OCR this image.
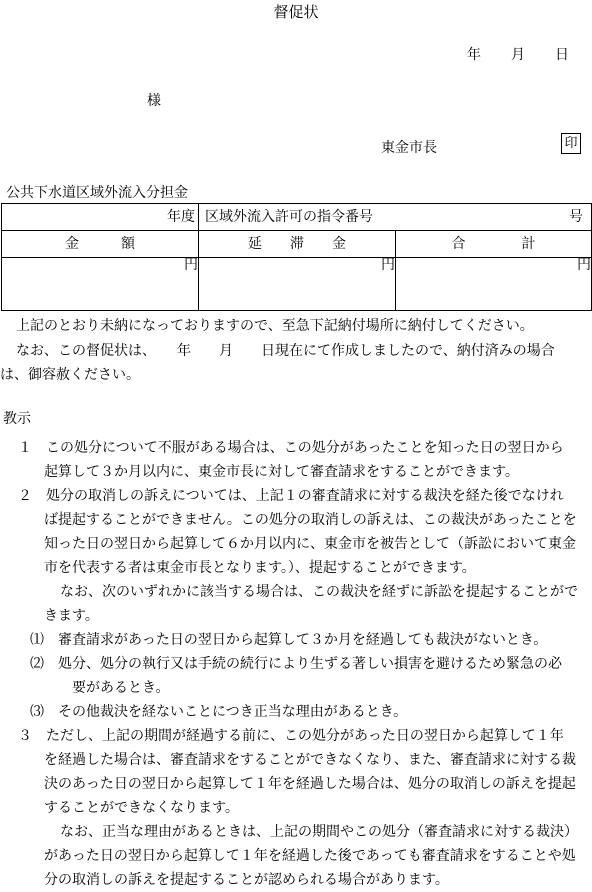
督促状
年 月 日
様
東金市長	印
公共下水道区域外流入分担金
年度	区域外流入許可の指令番号 号	

金　　　額	延　　滞　　金	合　　　　計
円	円	円
上記のとおり未納になっておりますので、至急下記納付場所に納付してください。
なお、この督促状は、　　年　　月　　日現在にて作成しましたので、納付済みの場合
は、御容赦ください。
教示
１　この処分について不服がある場合は、この処分があったことを知った日の翌日から
起算して３か月以内に、東金市長に対して審査請求をすることができます。
２　処分の取消しの訴えについては、上記１の審査請求に対する裁決を経た後でなけれ
ば提起することができません。この処分の取消しの訴えは、この裁決があったことを
知った日の翌日から起算して６か月以内に、東金市を被告として（訴訟において東金
市を代表する者は東金市長となります。）、提起することができます。
なお、次のいずれかに該当する場合は、この裁決を経ずに訴訟を提起することがで
きます。
⑴　審査請求があった日の翌日から起算して３か月を経過しても裁決がないとき。
⑵　処分、処分の執行又は手続の続行により生ずる著しい損害を避けるため緊急の必
要があるとき。
⑶　その他裁決を経ないことにつき正当な理由があるとき。
３　ただし、上記の期間が経過する前に、この処分があった日の翌日から起算して１年
を経過した場合は、審査請求をすることができなくなり、また、審査請求に対する裁
決のあった日の翌日から起算して１年を経過した場合は、処分の取消しの訴えを提起
することができなくなります。
なお、正当な理由があるときは、上記の期間やこの処分（審査請求に対する裁決）
があった日の翌日から起算して１年を経過した後であっても審査請求をすることや処
分の取消しの訴えを提起することが認められる場合があります。
